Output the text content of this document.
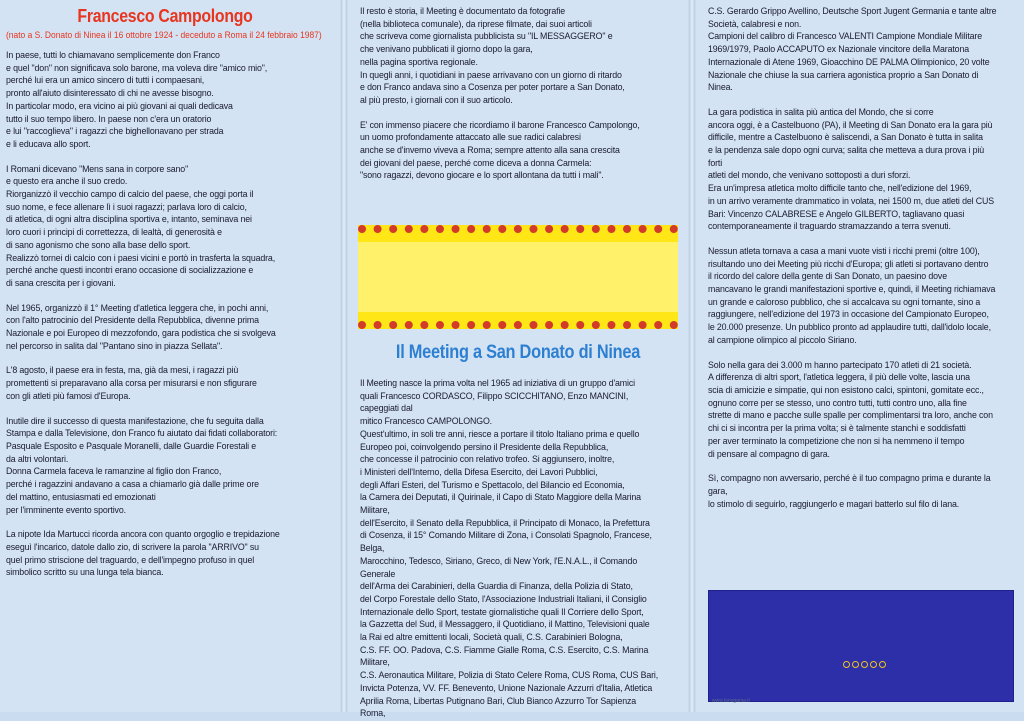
Francesco Campolongo
(nato a S. Donato di Ninea il 16 ottobre 1924 - deceduto a Roma il 24 febbraio 1987)

In paese, tutti lo chiamavano semplicemente don Franco
e quel "don" non significava solo barone, ma voleva dire "amico mio",
perché lui era un amico sincero di tutti i compaesani,
pronto all'aiuto disinteressato di chi ne avesse bisogno.
In particolar modo, era vicino ai più giovani ai quali dedicava
tutto il suo tempo libero. In paese non c'era un oratorio
e lui "raccoglieva" i ragazzi che bighellonavano per strada
e li educava allo sport.

I Romani dicevano "Mens sana in corpore sano"
e questo era anche il suo credo.
Riorganizzò il vecchio campo di calcio del paese, che oggi porta il
suo nome, e fece allenare lì i suoi ragazzi; parlava loro di calcio,
di atletica, di ogni altra disciplina sportiva e, intanto, seminava nei
loro cuori i principi di correttezza, di lealtà, di generosità e
di sano agonismo che sono alla base dello sport.
Realizzò tornei di calcio con i paesi vicini e portò in trasferta la squadra,
perché anche questi incontri erano occasione di socializzazione e
di sana crescita per i giovani.

Nel 1965, organizzò il 1° Meeting d'atletica leggera che, in pochi anni,
con l'alto patrocinio del Presidente della Repubblica, divenne prima
Nazionale e poi Europeo di mezzofondo, gara podistica che si svolgeva
nel percorso in salita dal "Pantano sino in piazza Sellata".

L'8 agosto, il paese era in festa, ma, già da mesi, i ragazzi più
promettenti si preparavano alla corsa per misurarsi e non sfigurare
con gli atleti più famosi d'Europa.

Inutile dire il successo di questa manifestazione, che fu seguita dalla
Stampa e dalla Televisione, don Franco fu aiutato dai fidati collaboratori:
Pasquale Esposito e Pasquale Moranelli, dalle Guardie Forestali e
da altri volontari.
Donna Carmela faceva le ramanzine al figlio don Franco,
perché i ragazzini andavano a casa a chiamarlo già dalle prime ore
del mattino, entusiasmati ed emozionati
per l'imminente evento sportivo.

La nipote Ida Martucci ricorda ancora con quanto orgoglio e trepidazione
eseguì l'incarico, datole dallo zio, di scrivere la parola "ARRIVO" su
quel primo striscione del traguardo, e dell'impegno profuso in quel
simbolico scritto su una lunga tela bianca.

Il resto è storia, il Meeting è documentato da fotografie
(nella biblioteca comunale), da riprese filmate, dai suoi articoli
che scriveva come giornalista pubblicista su "IL MESSAGGERO" e
che venivano pubblicati il giorno dopo la gara,
nella pagina sportiva regionale.
In quegli anni, i quotidiani in paese arrivavano con un giorno di ritardo
e don Franco andava sino a Cosenza per poter portare a San Donato,
al più presto, i giornali con il suo articolo.

E' con immenso piacere che ricordiamo il barone Francesco Campolongo,
un uomo profondamente attaccato alle sue radici calabresi
anche se d'inverno viveva a Roma; sempre attento alla sana crescita
dei giovani del paese, perché come diceva a donna Carmela:
"sono ragazzi, devono giocare e lo sport allontana da tutti i mali".

Il Meeting nasce la prima volta nel 1965 ad iniziativa di un gruppo d'amici
quali Francesco CORDASCO, Filippo SCICCHITANO, Enzo MANCINI, capeggiati dal
mitico Francesco CAMPOLONGO.
Quest'ultimo, in soli tre anni, riesce a portare il titolo Italiano prima e quello
Europeo poi, coinvolgendo persino il Presidente della Repubblica,
che concesse il patrocinio con relativo trofeo. Si aggiunsero, inoltre,
i Ministeri dell'Interno, della Difesa Esercito, dei Lavori Pubblici,
degli Affari Esteri, del Turismo e Spettacolo, del Bilancio ed Economia,
la Camera dei Deputati, il Quirinale, il Capo di Stato Maggiore della Marina Militare,
dell'Esercito, il Senato della Repubblica, il Principato di Monaco, la Prefettura
di Cosenza, il 15° Comando Militare di Zona, i Consolati Spagnolo, Francese, Belga,
Marocchino, Tedesco, Siriano, Greco, di New York, l'E.N.A.L., il Comando Generale
dell'Arma dei Carabinieri, della Guardia di Finanza, della Polizia di Stato,
del Corpo Forestale dello Stato, l'Associazione Industriali Italiani, il Consiglio
Internazionale dello Sport, testate giornalistiche quali Il Corriere dello Sport,
la Gazzetta del Sud, il Messaggero, il Quotidiano, il Mattino, Televisioni quale
la Rai ed altre emittenti locali, Società quali, C.S. Carabinieri Bologna,
C.S. FF. OO. Padova, C.S. Fiamme Gialle Roma, C.S. Esercito, C.S. Marina Militare,
C.S. Aeronautica Militare, Polizia di Stato Celere Roma, CUS Roma, CUS Bari,
Invicta Potenza, VV. FF. Benevento, Unione Nazionale Azzurri d'Italia, Atletica
Aprilia Roma, Libertas Putignano Bari, Club Bianco Azzurro Tor Sapienza Roma,

Il Meeting a San Donato di Ninea

C.S. Gerardo Grippo Avellino, Deutsche Sport Jugent Germania e tante altre
Società, calabresi e non.
Campioni del calibro di Francesco VALENTI Campione Mondiale Militare
1969/1979, Paolo ACCAPUTO ex Nazionale vincitore della Maratona
Internazionale di Atene 1969, Gioacchino DE PALMA Olimpionico, 20 volte
Nazionale che chiuse la sua carriera agonistica proprio a San Donato di Ninea.

La gara podistica in salita più antica del Mondo, che si corre
ancora oggi, è a Castelbuono (PA), il Meeting di San Donato era la gara più
difficile, mentre a Castelbuono è saliscendi, a San Donato è tutta in salita
e la pendenza sale dopo ogni curva; salita che metteva a dura prova i più forti
atleti del mondo, che venivano sottoposti a duri sforzi.
Era un'impresa atletica molto difficile tanto che, nell'edizione del 1969,
in un arrivo veramente drammatico in volata, nei 1500 m, due atleti del CUS
Bari: Vincenzo CALABRESE e Angelo GILBERTO, tagliavano quasi
contemporaneamente il traguardo stramazzando a terra svenuti.

Nessun atleta tornava a casa a mani vuote visti i ricchi premi (oltre 100),
risultando uno dei Meeting più ricchi d'Europa; gli atleti si portavano dentro
il ricordo del calore della gente di San Donato, un paesino dove
mancavano le grandi manifestazioni sportive e, quindi, il Meeting richiamava
un grande e caloroso pubblico, che si accalcava su ogni tornante, sino a
raggiungere, nell'edizione del 1973 in occasione del Campionato Europeo,
le 20.000 presenze. Un pubblico pronto ad applaudire tutti, dall'idolo locale,
al campione olimpico al piccolo Siriano.

Solo nella gara dei 3.000 m hanno partecipato 170 atleti di 21 società.
A differenza di altri sport, l'atletica leggera, il più delle volte, lascia una
scia di amicizie e simpatie, qui non esistono calci, spintoni, gomitate ecc.,
ognuno corre per se stesso, uno contro tutti, tutti contro uno, alla fine
strette di mano e pacche sulle spalle per complimentarsi tra loro, anche con
chi ci si incontra per la prima volta; si è talmente stanchi e soddisfatti
per aver terminato la competizione che non si ha nemmeno il tempo
di pensare al compagno di gara.

Sì, compagno non avversario, perché è il tuo compagno prima e durante la gara,
lo stimolo di seguirlo, raggiungerlo e magari batterlo sul filo di lana.

www.lanogarsa.it
